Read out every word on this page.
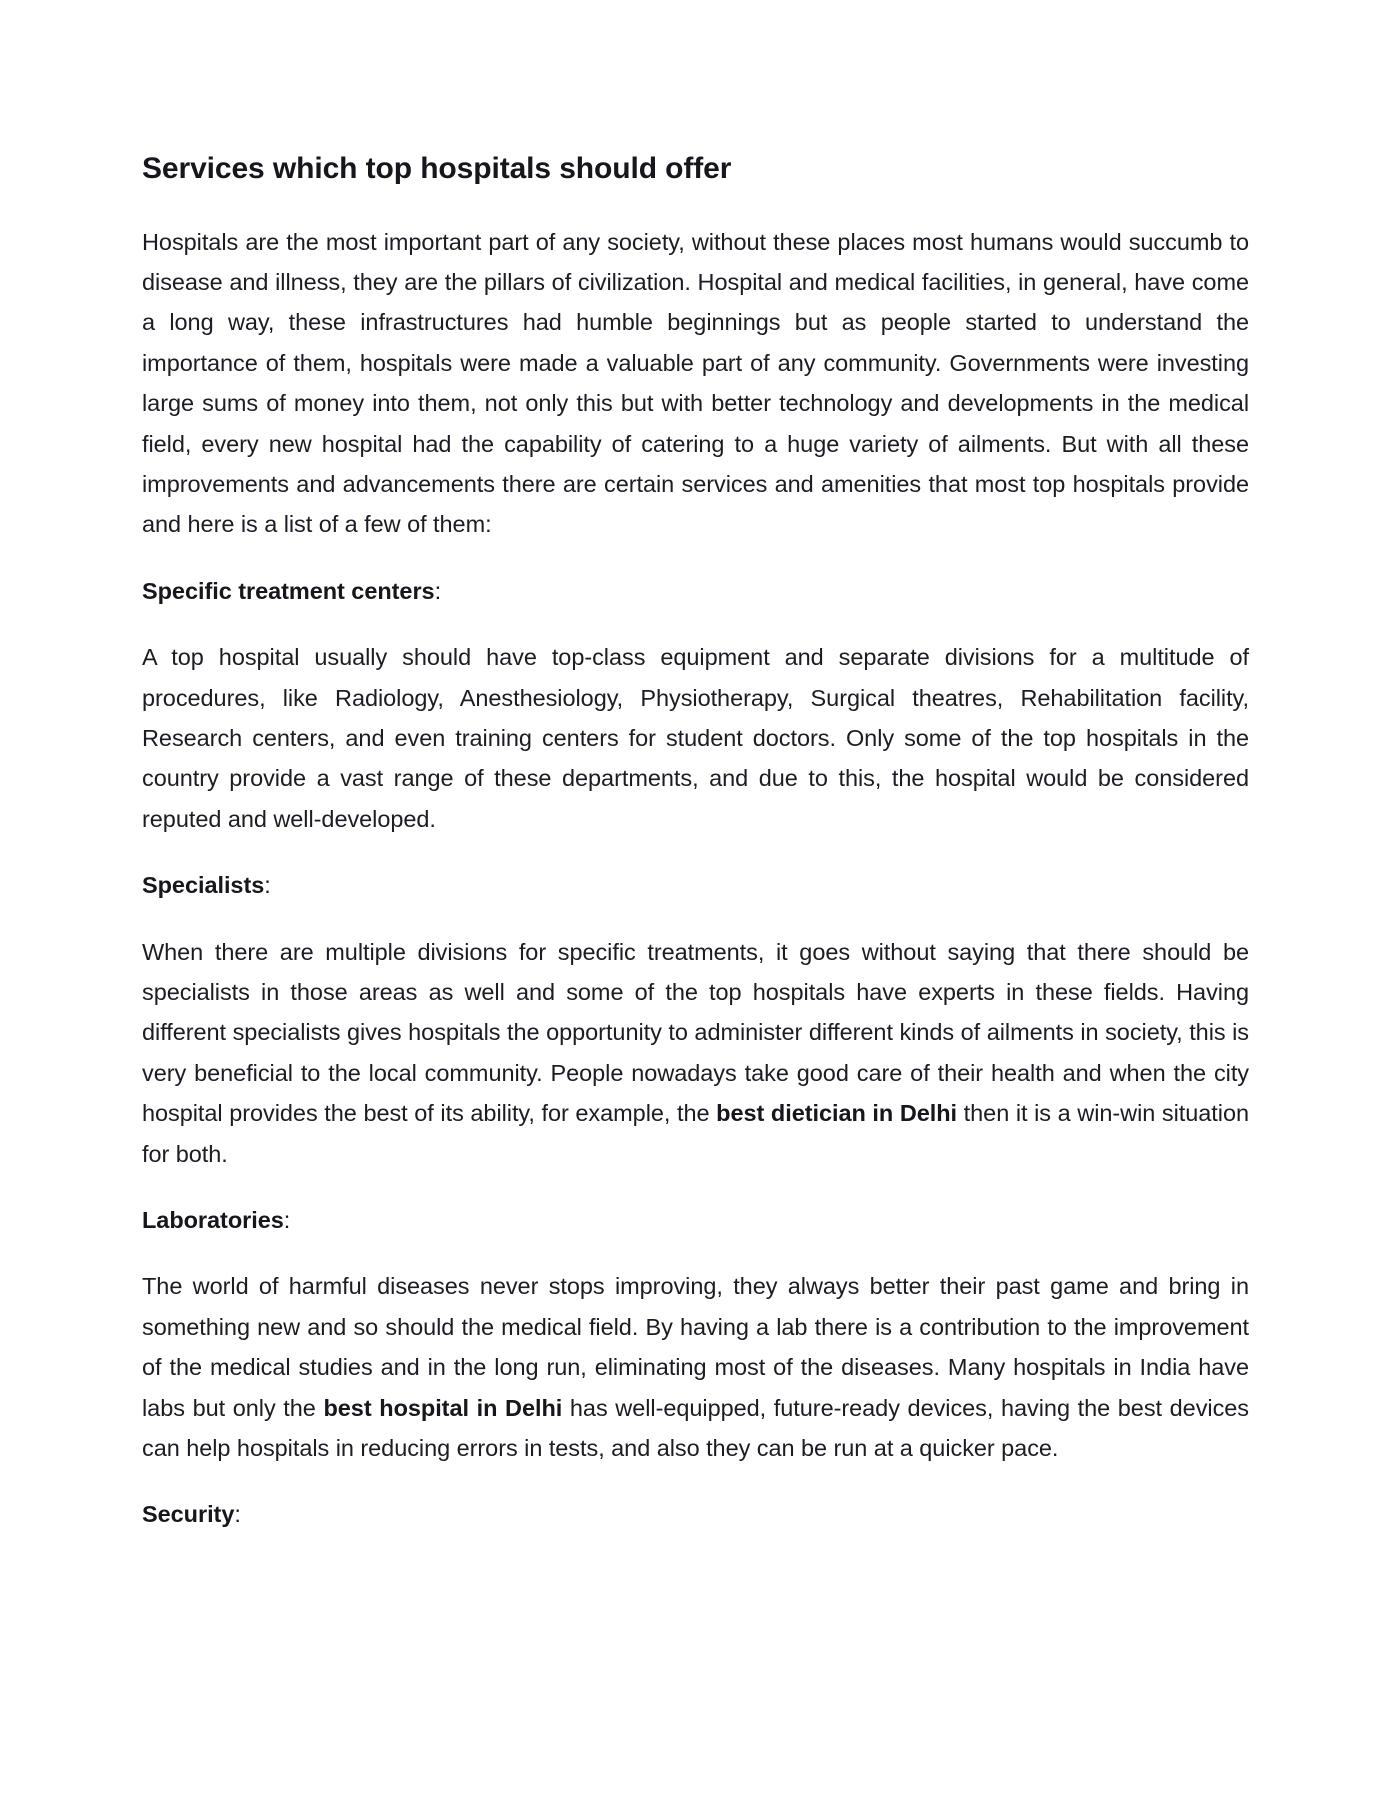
Services which top hospitals should offer

Hospitals are the most important part of any society, without these places most humans would succumb to disease and illness, they are the pillars of civilization. Hospital and medical facilities, in general, have come a long way, these infrastructures had humble beginnings but as people started to understand the importance of them, hospitals were made a valuable part of any community. Governments were investing large sums of money into them, not only this but with better technology and developments in the medical field, every new hospital had the capability of catering to a huge variety of ailments. But with all these improvements and advancements there are certain services and amenities that most top hospitals provide and here is a list of a few of them:

Specific treatment centers:

A top hospital usually should have top-class equipment and separate divisions for a multitude of procedures, like Radiology, Anesthesiology, Physiotherapy, Surgical theatres, Rehabilitation facility, Research centers, and even training centers for student doctors. Only some of the top hospitals in the country provide a vast range of these departments, and due to this, the hospital would be considered reputed and well-developed.

Specialists:

When there are multiple divisions for specific treatments, it goes without saying that there should be specialists in those areas as well and some of the top hospitals have experts in these fields. Having different specialists gives hospitals the opportunity to administer different kinds of ailments in society, this is very beneficial to the local community. People nowadays take good care of their health and when the city hospital provides the best of its ability, for example, the best dietician in Delhi then it is a win-win situation for both.

Laboratories:

The world of harmful diseases never stops improving, they always better their past game and bring in something new and so should the medical field. By having a lab there is a contribution to the improvement of the medical studies and in the long run, eliminating most of the diseases. Many hospitals in India have labs but only the best hospital in Delhi has well-equipped, future-ready devices, having the best devices can help hospitals in reducing errors in tests, and also they can be run at a quicker pace.

Security:
